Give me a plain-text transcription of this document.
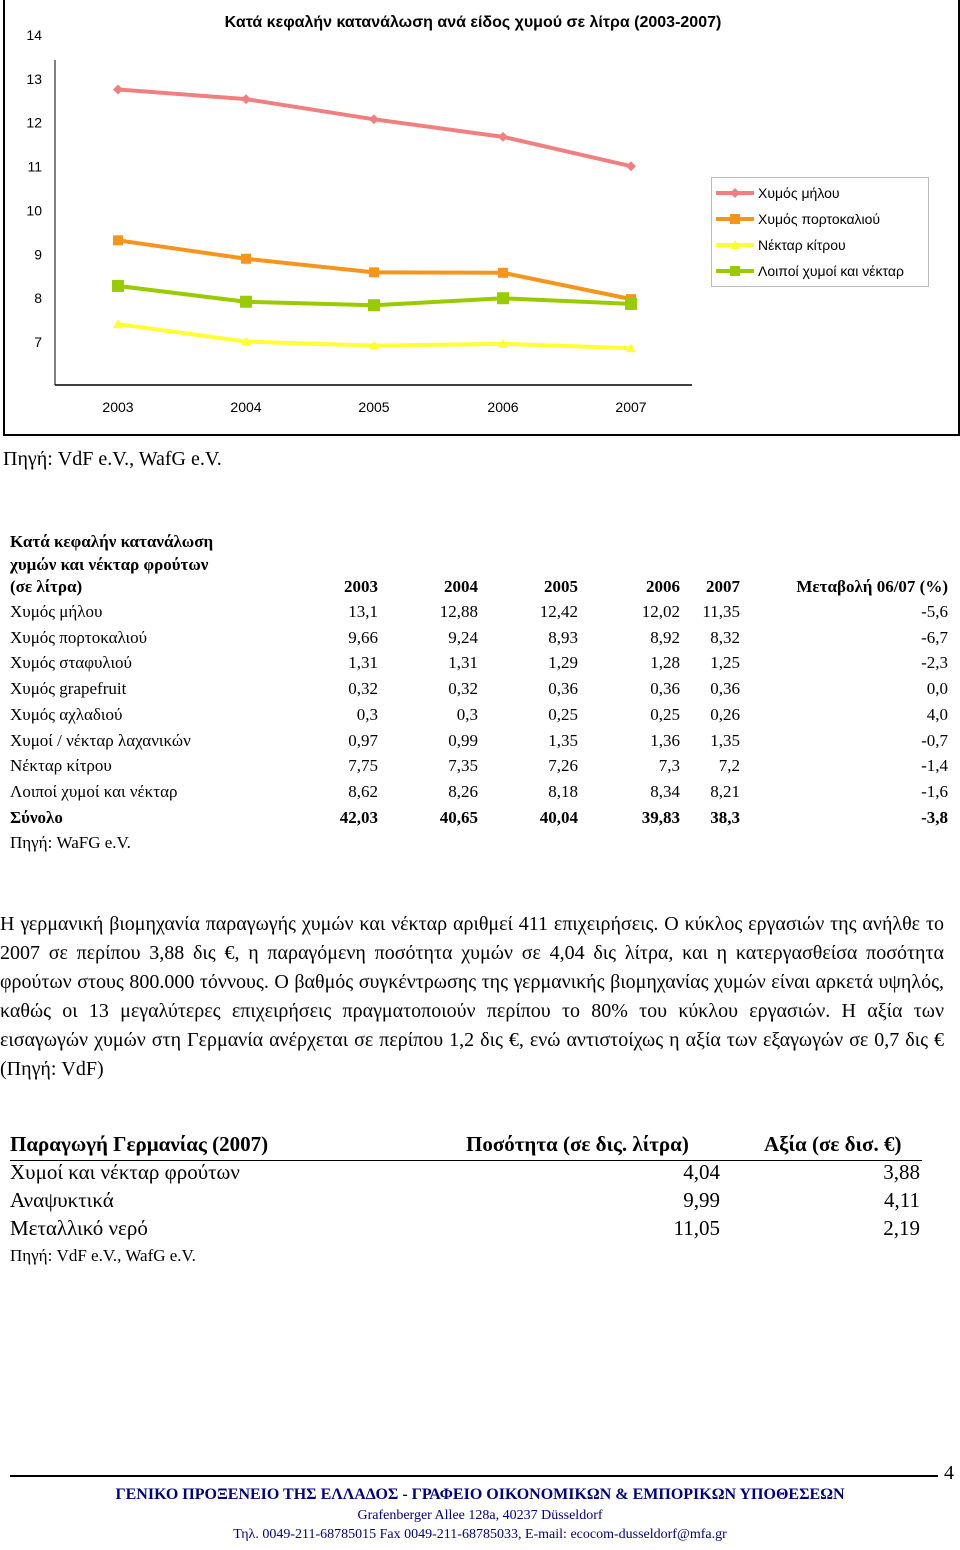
Κατά κεφαλήν κατανάλωση ανά είδος χυμού σε λίτρα (2003-2007)
7
8
9
10
11
12
13
14
2003	2004	2005	2006	2007
Χυμός μήλου
Χυμός πορτοκαλιού
Νέκταρ κίτρου
Λοιποί χυμοί και νέκταρ
Πηγή: VdF e.V., WafG e.V.
Κατά κεφαλήν κατανάλωση
χυμών και νέκταρ φρούτων
(σε λίτρα)	2003	2004	2005	2006	2007	Μεταβολή 06/07 (%)
Χυμός μήλου	13,1	12,88	12,42	12,02	11,35	-5,6
Χυμός πορτοκαλιού	9,66	9,24	8,93	8,92	8,32	-6,7
Χυμός σταφυλιού	1,31	1,31	1,29	1,28	1,25	-2,3
Χυμός grapefruit	0,32	0,32	0,36	0,36	0,36	0,0
Χυμός αχλαδιού	0,3	0,3	0,25	0,25	0,26	4,0
Χυμοί / νέκταρ λαχανικών	0,97	0,99	1,35	1,36	1,35	-0,7
Νέκταρ κίτρου	7,75	7,35	7,26	7,3	7,2	-1,4
Λοιποί χυμοί και νέκταρ	8,62	8,26	8,18	8,34	8,21	-1,6
Σύνολο	42,03	40,65	40,04	39,83	38,3	-3,8
Πηγή: WaFG e.V.
Η γερμανική βιομηχανία παραγωγής χυμών και νέκταρ αριθμεί 411 επιχειρήσεις. Ο κύκλος εργασιών της ανήλθε το 2007 σε περίπου 3,88 δις €, η παραγόμενη ποσότητα χυμών σε 4,04 δις λίτρα, και η κατεργασθείσα ποσότητα φρούτων στους 800.000 τόννους. Ο βαθμός συγκέντρωσης της γερμανικής βιομηχανίας χυμών είναι αρκετά υψηλός, καθώς οι 13 μεγαλύτερες επιχειρήσεις πραγματοποιούν περίπου το 80% του κύκλου εργασιών. Η αξία των εισαγωγών χυμών στη Γερμανία ανέρχεται σε περίπου 1,2 δις €, ενώ αντιστοίχως η αξία των εξαγωγών σε 0,7 δις € (Πηγή: VdF)
Παραγωγή Γερμανίας (2007)	Ποσότητα (σε δις. λίτρα)	Αξία (σε δισ. €)
Χυμοί και νέκταρ φρούτων	4,04	3,88
Αναψυκτικά	9,99	4,11
Μεταλλικό νερό	11,05	2,19
Πηγή: VdF e.V., WafG e.V.
4
ΓΕΝΙΚΟ ΠΡΟΞΕΝΕΙΟ ΤΗΣ ΕΛΛΑΔΟΣ - ΓΡΑΦΕΙΟ ΟΙΚΟΝΟΜΙΚΩΝ & ΕΜΠΟΡΙΚΩΝ ΥΠΟΘΕΣΕΩΝ
Grafenberger Allee 128a, 40237 Düsseldorf
Τηλ. 0049-211-68785015 Fax 0049-211-68785033, E-mail: ecocom-dusseldorf@mfa.gr
